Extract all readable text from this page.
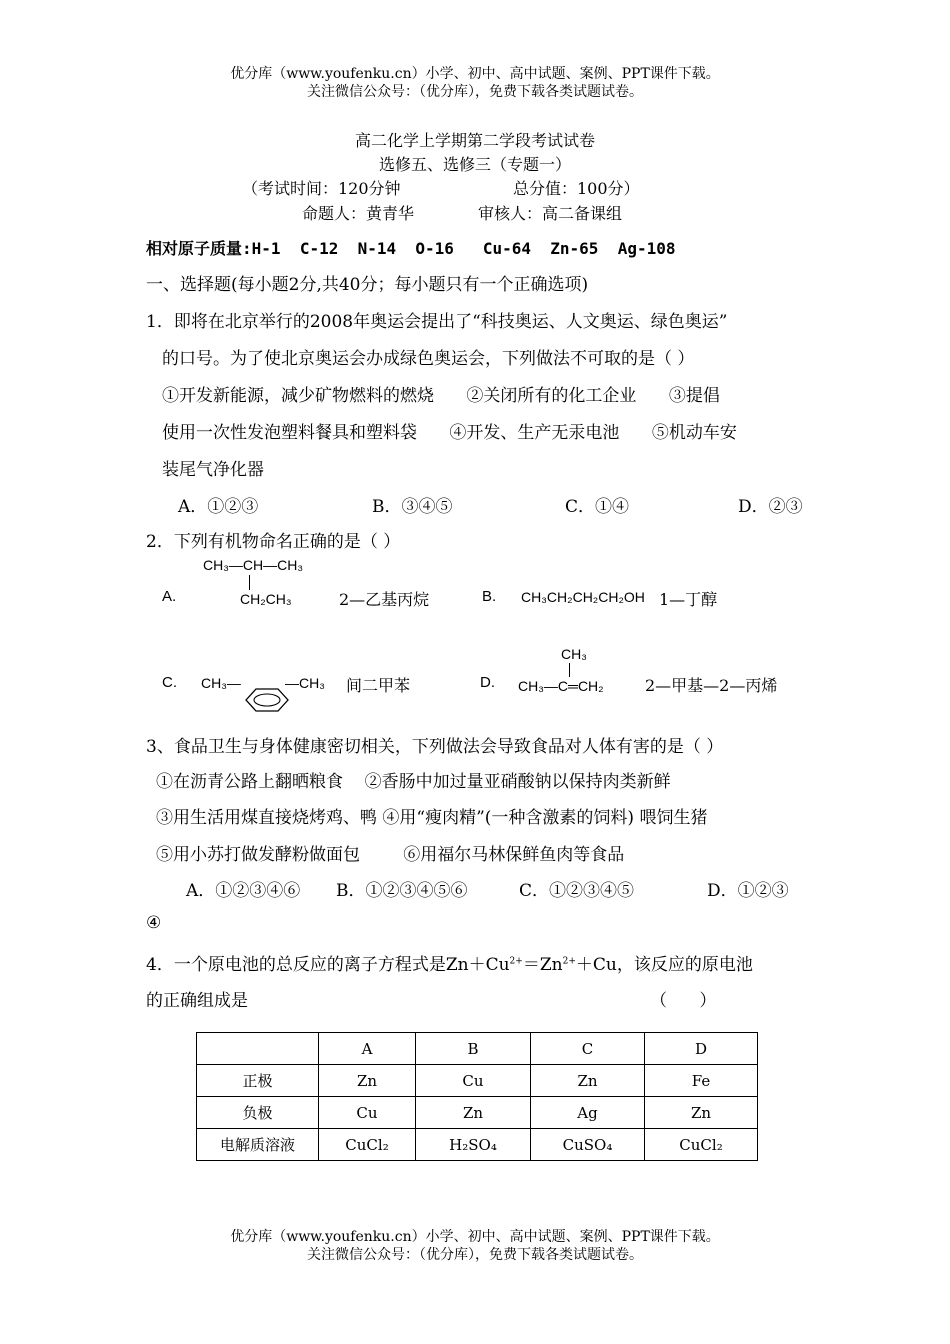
优分库（www.youfenku.cn）小学、初中、高中试题、案例、PPT课件下载。
关注微信公众号：（优分库），免费下载各类试题试卷。
高二化学上学期第二学段考试试卷
选修五、选修三（专题一）
（考试时间：120分钟	总分值：100分）
命题人：黄青华	审核人：高二备课组
相对原子质量:H-1  C-12  N-14  O-16   Cu-64  Zn-65  Ag-108
一、选择题(每小题2分,共40分；每小题只有一个正确选项)
1．即将在北京举行的2008年奥运会提出了“科技奥运、人文奥运、绿色奥运”
的口号。为了使北京奥运会办成绿色奥运会，下列做法不可取的是（ ）
①开发新能源，减少矿物燃料的燃烧      ②关闭所有的化工企业      ③提倡
使用一次性发泡塑料餐具和塑料袋      ④开发、生产无汞电池      ⑤机动车安
装尾气净化器
A．①②③	B．③④⑤	C．①④	D．②③
2．下列有机物命名正确的是（ ）
A.
CH₃—CH—CH₃
CH₂CH₃	2—乙基丙烷	B. CH₃CH₂CH₂CH₂OH 1—丁醇
C. CH₃—	—CH₃ 间二甲苯	D.
CH₃
CH₃—C═CH₂	2—甲基—2—丙烯
3、食品卫生与身体健康密切相关，下列做法会导致食品对人体有害的是（ ）
①在沥青公路上翻晒粮食    ②香肠中加过量亚硝酸钠以保持肉类新鲜
③用生活用煤直接烧烤鸡、鸭 ④用“瘦肉精”(一种含激素的饲料) 喂饲生猪
⑤用小苏打做发酵粉做面包        ⑥用福尔马林保鲜鱼肉等食品
A．①②③④⑥ B．①②③④⑤⑥	C．①②③④⑤	D．①②③
④
4．一个原电池的总反应的离子方程式是$Zn+Cu^{2+}=Zn^{2+}+Cu$，该反应的原电池
的正确组成是	（      ）
	A	B	C	D
正极	Zn	Cu	Zn	Fe
负极	Cu	Zn	Ag	Zn
电解质溶液	CuCl₂	H₂SO₄	CuSO₄	CuCl₂
优分库（www.youfenku.cn）小学、初中、高中试题、案例、PPT课件下载。
关注微信公众号：（优分库），免费下载各类试题试卷。
